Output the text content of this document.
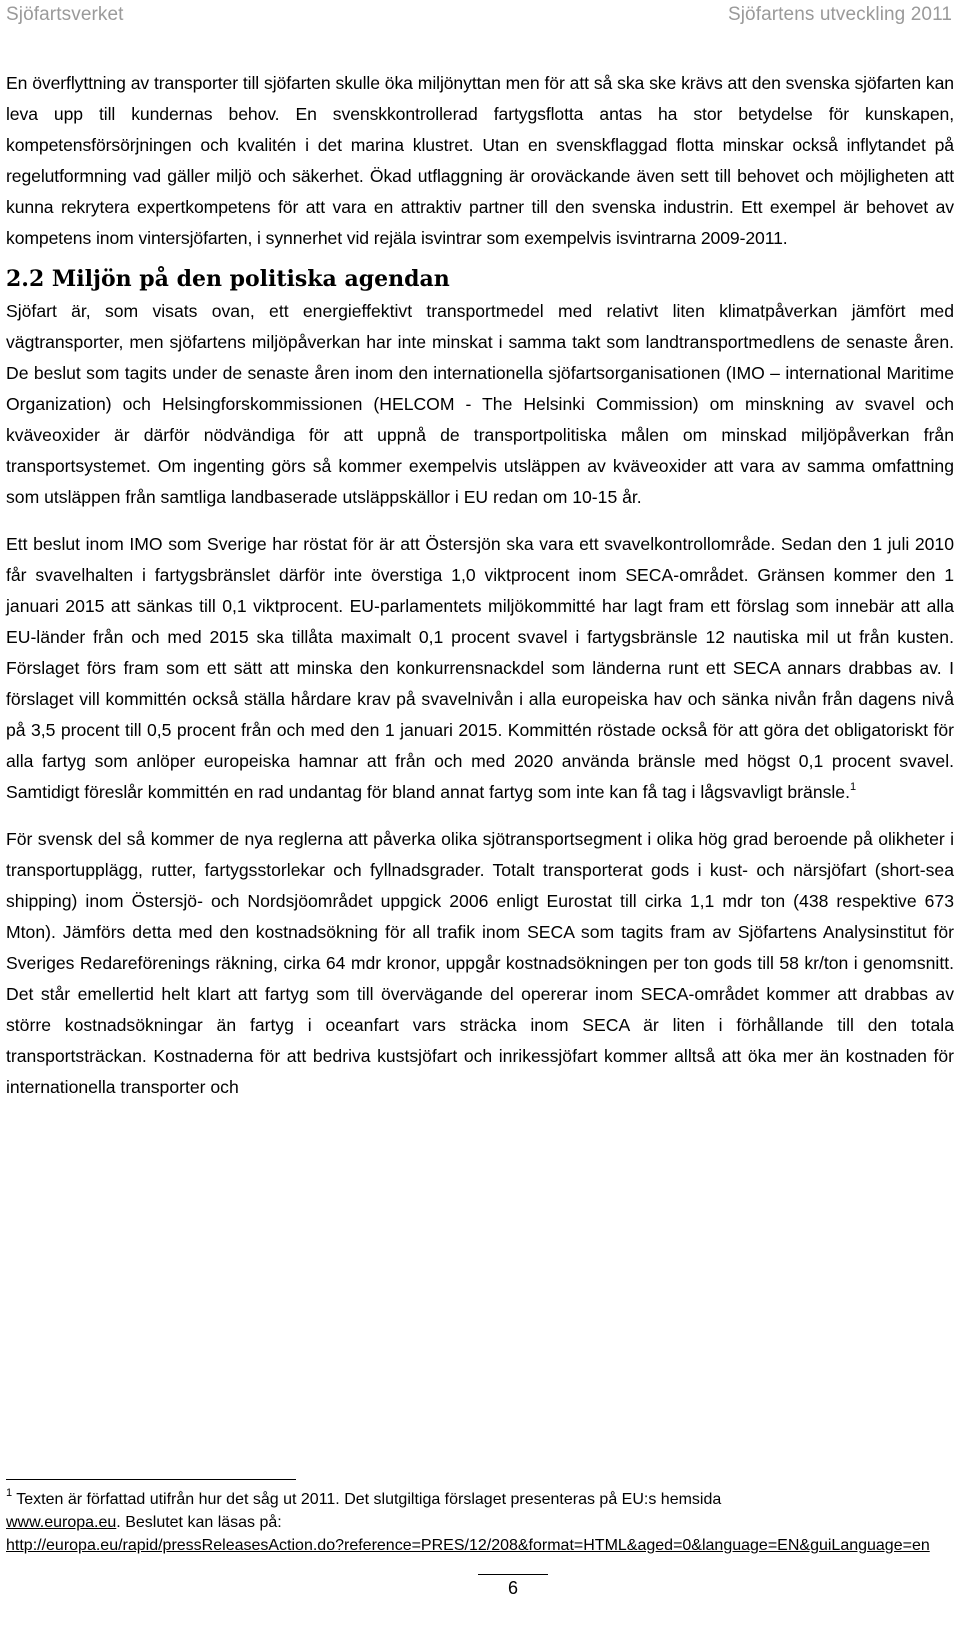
Sjöfartsverket	Sjöfartens utveckling 2011

En överflyttning av transporter till sjöfarten skulle öka miljönyttan men för att så ska ske krävs att den svenska sjöfarten kan leva upp till kundernas behov. En svenskkontrollerad fartygsflotta antas ha stor betydelse för kunskapen, kompetensförsörjningen och kvalitén i det marina klustret. Utan en svenskflaggad flotta minskar också inflytandet på regelutformning vad gäller miljö och säkerhet. Ökad utflaggning är oroväckande även sett till behovet och möjligheten att kunna rekrytera expertkompetens för att vara en attraktiv partner till den svenska industrin. Ett exempel är behovet av kompetens inom vintersjöfarten, i synnerhet vid rejäla isvintrar som exempelvis isvintrarna 2009-2011.

2.2 Miljön på den politiska agendan

Sjöfart är, som visats ovan, ett energieffektivt transportmedel med relativt liten klimatpåverkan jämfört med vägtransporter, men sjöfartens miljöpåverkan har inte minskat i samma takt som landtransportmedlens de senaste åren. De beslut som tagits under de senaste åren inom den internationella sjöfartsorganisationen (IMO – international Maritime Organization) och Helsingforskommissionen (HELCOM - The Helsinki Commission) om minskning av svavel och kväveoxider är därför nödvändiga för att uppnå de transportpolitiska målen om minskad miljöpåverkan från transportsystemet. Om ingenting görs så kommer exempelvis utsläppen av kväveoxider att vara av samma omfattning som utsläppen från samtliga landbaserade utsläppskällor i EU redan om 10-15 år.

Ett beslut inom IMO som Sverige har röstat för är att Östersjön ska vara ett svavelkontrollområde. Sedan den 1 juli 2010 får svavelhalten i fartygsbränslet därför inte överstiga 1,0 viktprocent inom SECA-området. Gränsen kommer den 1 januari 2015 att sänkas till 0,1 viktprocent. EU-parlamentets miljökommitté har lagt fram ett förslag som innebär att alla EU-länder från och med 2015 ska tillåta maximalt 0,1 procent svavel i fartygsbränsle 12 nautiska mil ut från kusten. Förslaget förs fram som ett sätt att minska den konkurrensnackdel som länderna runt ett SECA annars drabbas av. I förslaget vill kommittén också ställa hårdare krav på svavelnivån i alla europeiska hav och sänka nivån från dagens nivå på 3,5 procent till 0,5 procent från och med den 1 januari 2015. Kommittén röstade också för att göra det obligatoriskt för alla fartyg som anlöper europeiska hamnar att från och med 2020 använda bränsle med högst 0,1 procent svavel. Samtidigt föreslår kommittén en rad undantag för bland annat fartyg som inte kan få tag i lågsvavligt bränsle.$^1$

För svensk del så kommer de nya reglerna att påverka olika sjötransportsegment i olika hög grad beroende på olikheter i transportupplägg, rutter, fartygsstorlekar och fyllnadsgrader. Totalt transporterat gods i kust- och närsjöfart (short-sea shipping) inom Östersjö- och Nordsjöområdet uppgick 2006 enligt Eurostat till cirka 1,1 mdr ton (438 respektive 673 Mton). Jämförs detta med den kostnadsökning för all trafik inom SECA som tagits fram av Sjöfartens Analysinstitut för Sveriges Redareförenings räkning, cirka 64 mdr kronor, uppgår kostnadsökningen per ton gods till 58 kr/ton i genomsnitt. Det står emellertid helt klart att fartyg som till övervägande del opererar inom SECA-området kommer att drabbas av större kostnadsökningar än fartyg i oceanfart vars sträcka inom SECA är liten i förhållande till den totala transportsträckan. Kostnaderna för att bedriva kustsjöfart och inrikessjöfart kommer alltså att öka mer än kostnaden för internationella transporter och

$^1$ Texten är författad utifrån hur det såg ut 2011. Det slutgiltiga förslaget presenteras på EU:s hemsida
www.europa.eu. Beslutet kan läsas på:
http://europa.eu/rapid/pressReleasesAction.do?reference=PRES/12/208&format=HTML&aged=0&language=EN&guiLanguage=en
6
